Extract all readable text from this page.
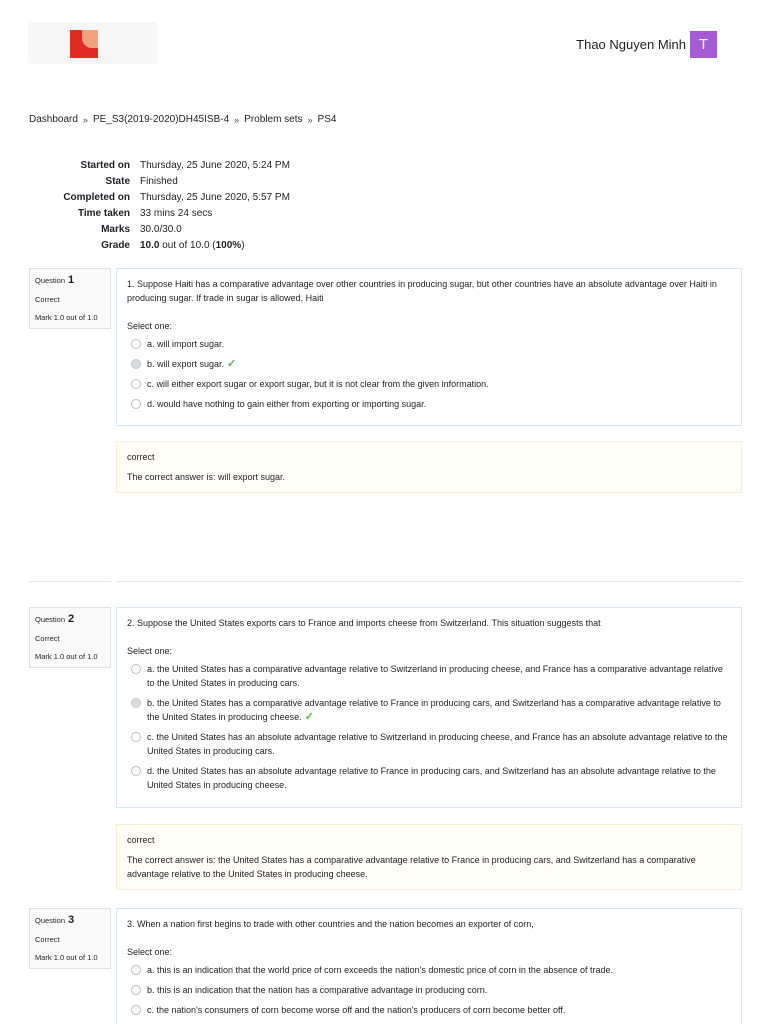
Thao Nguyen Minh T
Dashboard » PE_S3(2019-2020)DH45ISB-4 » Problem sets » PS4
Started on	Thursday, 25 June 2020, 5:24 PM
State	Finished
Completed on	Thursday, 25 June 2020, 5:57 PM
Time taken	33 mins 24 secs
Marks	30.0/30.0
Grade	10.0 out of 10.0 (100%)
Question 1
Correct
Mark 1.0 out of 1.0
1. Suppose Haiti has a comparative advantage over other countries in producing sugar, but other countries have an absolute advantage over Haiti in producing sugar. If trade in sugar is allowed, Haiti
Select one:
a. will import sugar.
b. will export sugar. ✓
c. will either export sugar or export sugar, but it is not clear from the given information.
d. would have nothing to gain either from exporting or importing sugar.
correct
The correct answer is: will export sugar.
Question 2
Correct
Mark 1.0 out of 1.0
2. Suppose the United States exports cars to France and imports cheese from Switzerland. This situation suggests that
Select one:
a. the United States has a comparative advantage relative to Switzerland in producing cheese, and France has a comparative advantage relative to the United States in producing cars.
b. the United States has a comparative advantage relative to France in producing cars, and Switzerland has a comparative advantage relative to the United States in producing cheese. ✓
c. the United States has an absolute advantage relative to Switzerland in producing cheese, and France has an absolute advantage relative to the United States in producing cars.
d. the United States has an absolute advantage relative to France in producing cars, and Switzerland has an absolute advantage relative to the United States in producing cheese.
correct
The correct answer is: the United States has a comparative advantage relative to France in producing cars, and Switzerland has a comparative advantage relative to the United States in producing cheese.
Question 3
Correct
Mark 1.0 out of 1.0
3. When a nation first begins to trade with other countries and the nation becomes an exporter of corn,
Select one:
a. this is an indication that the world price of corn exceeds the nation's domestic price of corn in the absence of trade.
b. this is an indication that the nation has a comparative advantage in producing corn.
c. the nation's consumers of corn become worse off and the nation's producers of corn become better off.
